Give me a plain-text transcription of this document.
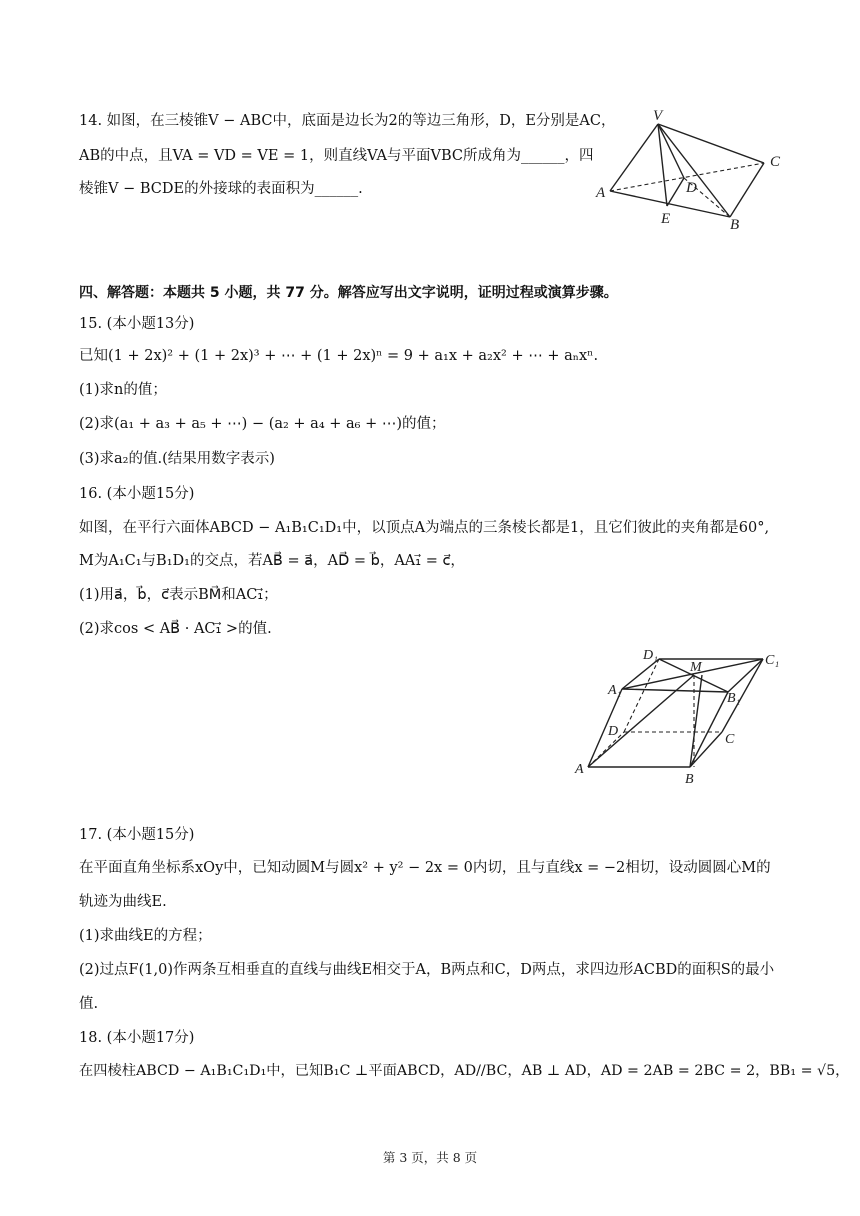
14. 如图，在三棱锥V − ABC中，底面是边长为2的等边三角形，D，E分别是AC，
AB的中点，且VA = VD = VE = 1，则直线VA与平面VBC所成角为______，四
棱锥V − BCDE的外接球的表面积为______.
V
C
A	D
E	B
四、解答题：本题共 5 小题，共 77 分。解答应写出文字说明，证明过程或演算步骤。
15. (本小题13分)
已知(1 + 2x)² + (1 + 2x)³ + ⋯ + (1 + 2x)ⁿ = 9 + a₁x + a₂x² + ⋯ + aₙxⁿ.
(1)求n的值；
(2)求(a₁ + a₃ + a₅ + ⋯) − (a₂ + a₄ + a₆ + ⋯)的值；
(3)求a₂的值.(结果用数字表示)
16. (本小题15分)
如图，在平行六面体ABCD − A₁B₁C₁D₁中，以顶点A为端点的三条棱长都是1，且它们彼此的夹角都是60°,
M为A₁C₁与B₁D₁的交点，若AB⃗ = a⃗，AD⃗ = b⃗，AA₁⃗ = c⃗，
(1)用a⃗，b⃗，c⃗表示BM⃗和AC₁⃗；
(2)求cos < AB⃗ · AC₁⃗ >的值.
D₁
M	C₁
A₁
B₁
D
C
A
B
17. (本小题15分)
在平面直角坐标系xOy中，已知动圆M与圆x² + y² − 2x = 0内切，且与直线x = −2相切，设动圆圆心M的
轨迹为曲线E.
(1)求曲线E的方程；
(2)过点F(1,0)作两条互相垂直的直线与曲线E相交于A，B两点和C，D两点，求四边形ACBD的面积S的最小
值.
18. (本小题17分)
在四棱柱ABCD − A₁B₁C₁D₁中，已知B₁C ⊥平面ABCD，AD//BC，AB ⊥ AD，AD = 2AB = 2BC = 2，BB₁ = √5，
第 3 页，共 8 页
